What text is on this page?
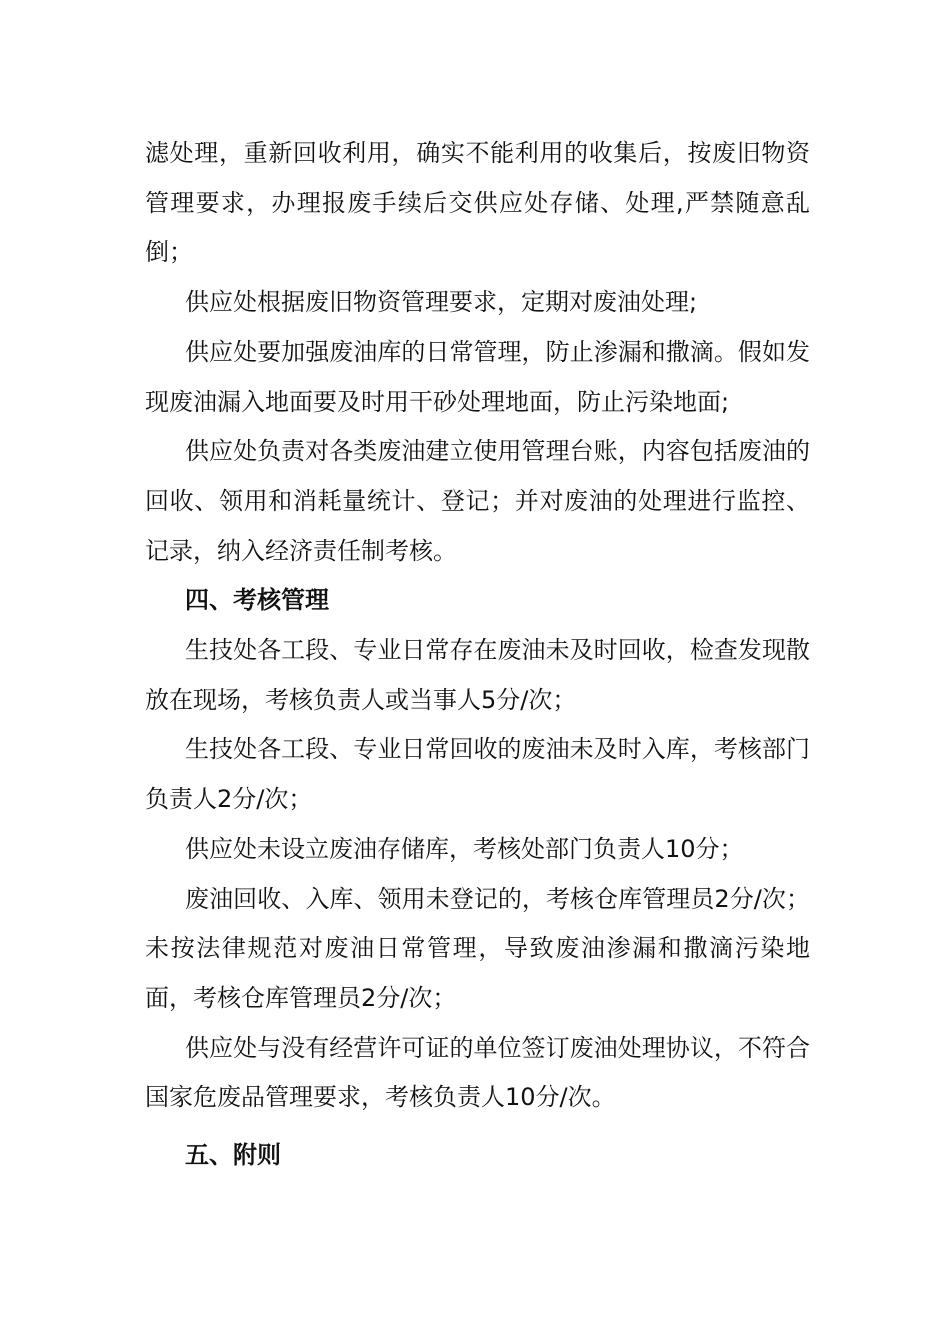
滤处理，重新回收利用，确实不能利用的收集后，按废旧物资管理要求，办理报废手续后交供应处存储、处理,严禁随意乱倒；

供应处根据废旧物资管理要求，定期对废油处理;

供应处要加强废油库的日常管理，防止渗漏和撒滴。假如发现废油漏入地面要及时用干砂处理地面，防止污染地面;

供应处负责对各类废油建立使用管理台账，内容包括废油的回收、领用和消耗量统计、登记；并对废油的处理进行监控、记录，纳入经济责任制考核。

四、考核管理

生技处各工段、专业日常存在废油未及时回收，检查发现散放在现场，考核负责人或当事人5分/次；

生技处各工段、专业日常回收的废油未及时入库，考核部门负责人2分/次；

供应处未设立废油存储库，考核处部门负责人10分；

废油回收、入库、领用未登记的，考核仓库管理员2分/次；未按法律规范对废油日常管理，导致废油渗漏和撒滴污染地面，考核仓库管理员2分/次；

供应处与没有经营许可证的单位签订废油处理协议，不符合国家危废品管理要求，考核负责人10分/次。

五、附则
